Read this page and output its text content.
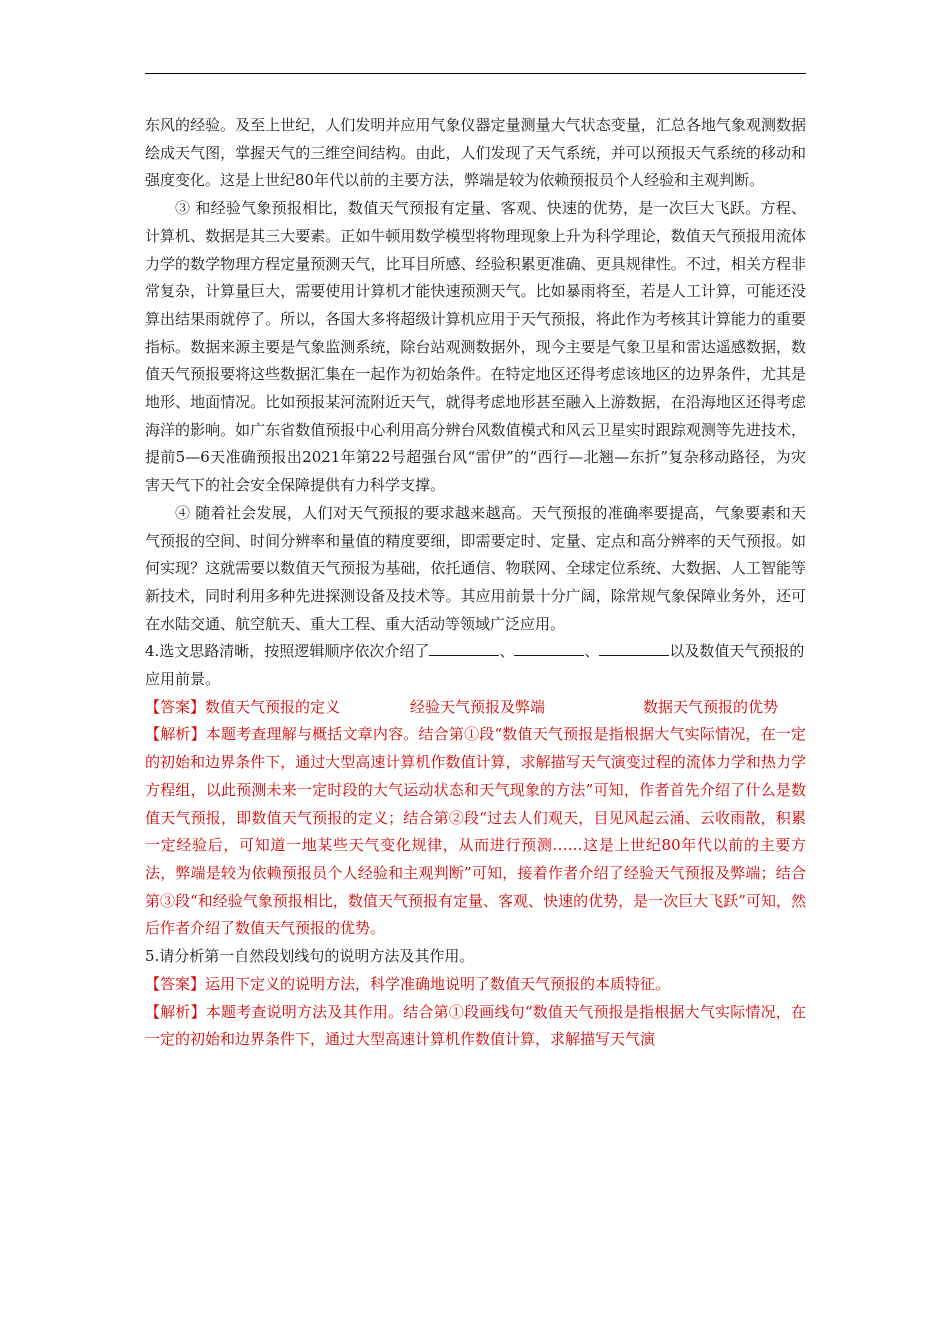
东风的经验。及至上世纪，人们发明并应用气象仪器定量测量大气状态变量，汇总各地气象观测数据绘成天气图，掌握天气的三维空间结构。由此，人们发现了天气系统，并可以预报天气系统的移动和强度变化。这是上世纪80年代以前的主要方法，弊端是较为依赖预报员个人经验和主观判断。

③ 和经验气象预报相比，数值天气预报有定量、客观、快速的优势，是一次巨大飞跃。方程、计算机、数据是其三大要素。正如牛顿用数学模型将物理现象上升为科学理论，数值天气预报用流体力学的数学物理方程定量预测天气，比耳目所感、经验积累更准确、更具规律性。不过，相关方程非常复杂，计算量巨大，需要使用计算机才能快速预测天气。比如暴雨将至，若是人工计算，可能还没算出结果雨就停了。所以，各国大多将超级计算机应用于天气预报，将此作为考核其计算能力的重要指标。数据来源主要是气象监测系统，除台站观测数据外，现今主要是气象卫星和雷达遥感数据，数值天气预报要将这些数据汇集在一起作为初始条件。在特定地区还得考虑该地区的边界条件，尤其是地形、地面情况。比如预报某河流附近天气，就得考虑地形甚至融入上游数据，在沿海地区还得考虑海洋的影响。如广东省数值预报中心利用高分辨台风数值模式和风云卫星实时跟踪观测等先进技术，提前5—6天准确预报出2021年第22号超强台风“雷伊”的“西行—北翘—东折”复杂移动路径，为灾害天气下的社会安全保障提供有力科学支撑。

④ 随着社会发展，人们对天气预报的要求越来越高。天气预报的准确率要提高，气象要素和天气预报的空间、时间分辨率和量值的精度要细，即需要定时、定量、定点和高分辨率的天气预报。如何实现？这就需要以数值天气预报为基础，依托通信、物联网、全球定位系统、大数据、人工智能等新技术，同时利用多种先进探测设备及技术等。其应用前景十分广阔，除常规气象保障业务外，还可在水陆交通、航空航天、重大工程、重大活动等领域广泛应用。

4.选文思路清晰，按照逻辑顺序依次介绍了	、	、	以及数值天气预报的应用前景。

【答案】数值天气预报的定义	经验天气预报及弊端	数据天气预报的优势

【解析】本题考查理解与概括文章内容。结合第①段“数值天气预报是指根据大气实际情况，在一定的初始和边界条件下，通过大型高速计算机作数值计算，求解描写天气演变过程的流体力学和热力学方程组，以此预测未来一定时段的大气运动状态和天气现象的方法”可知，作者首先介绍了什么是数值天气预报，即数值天气预报的定义；结合第②段“过去人们观天，目见风起云涌、云收雨散，积累一定经验后，可知道一地某些天气变化规律，从而进行预测……这是上世纪80年代以前的主要方法，弊端是较为依赖预报员个人经验和主观判断”可知，接着作者介绍了经验天气预报及弊端；结合第③段“和经验气象预报相比，数值天气预报有定量、客观、快速的优势，是一次巨大飞跃”可知，然后作者介绍了数值天气预报的优势。

5.请分析第一自然段划线句的说明方法及其作用。

【答案】运用下定义的说明方法，科学准确地说明了数值天气预报的本质特征。

【解析】本题考查说明方法及其作用。结合第①段画线句“数值天气预报是指根据大气实际情况，在一定的初始和边界条件下，通过大型高速计算机作数值计算，求解描写天气演
